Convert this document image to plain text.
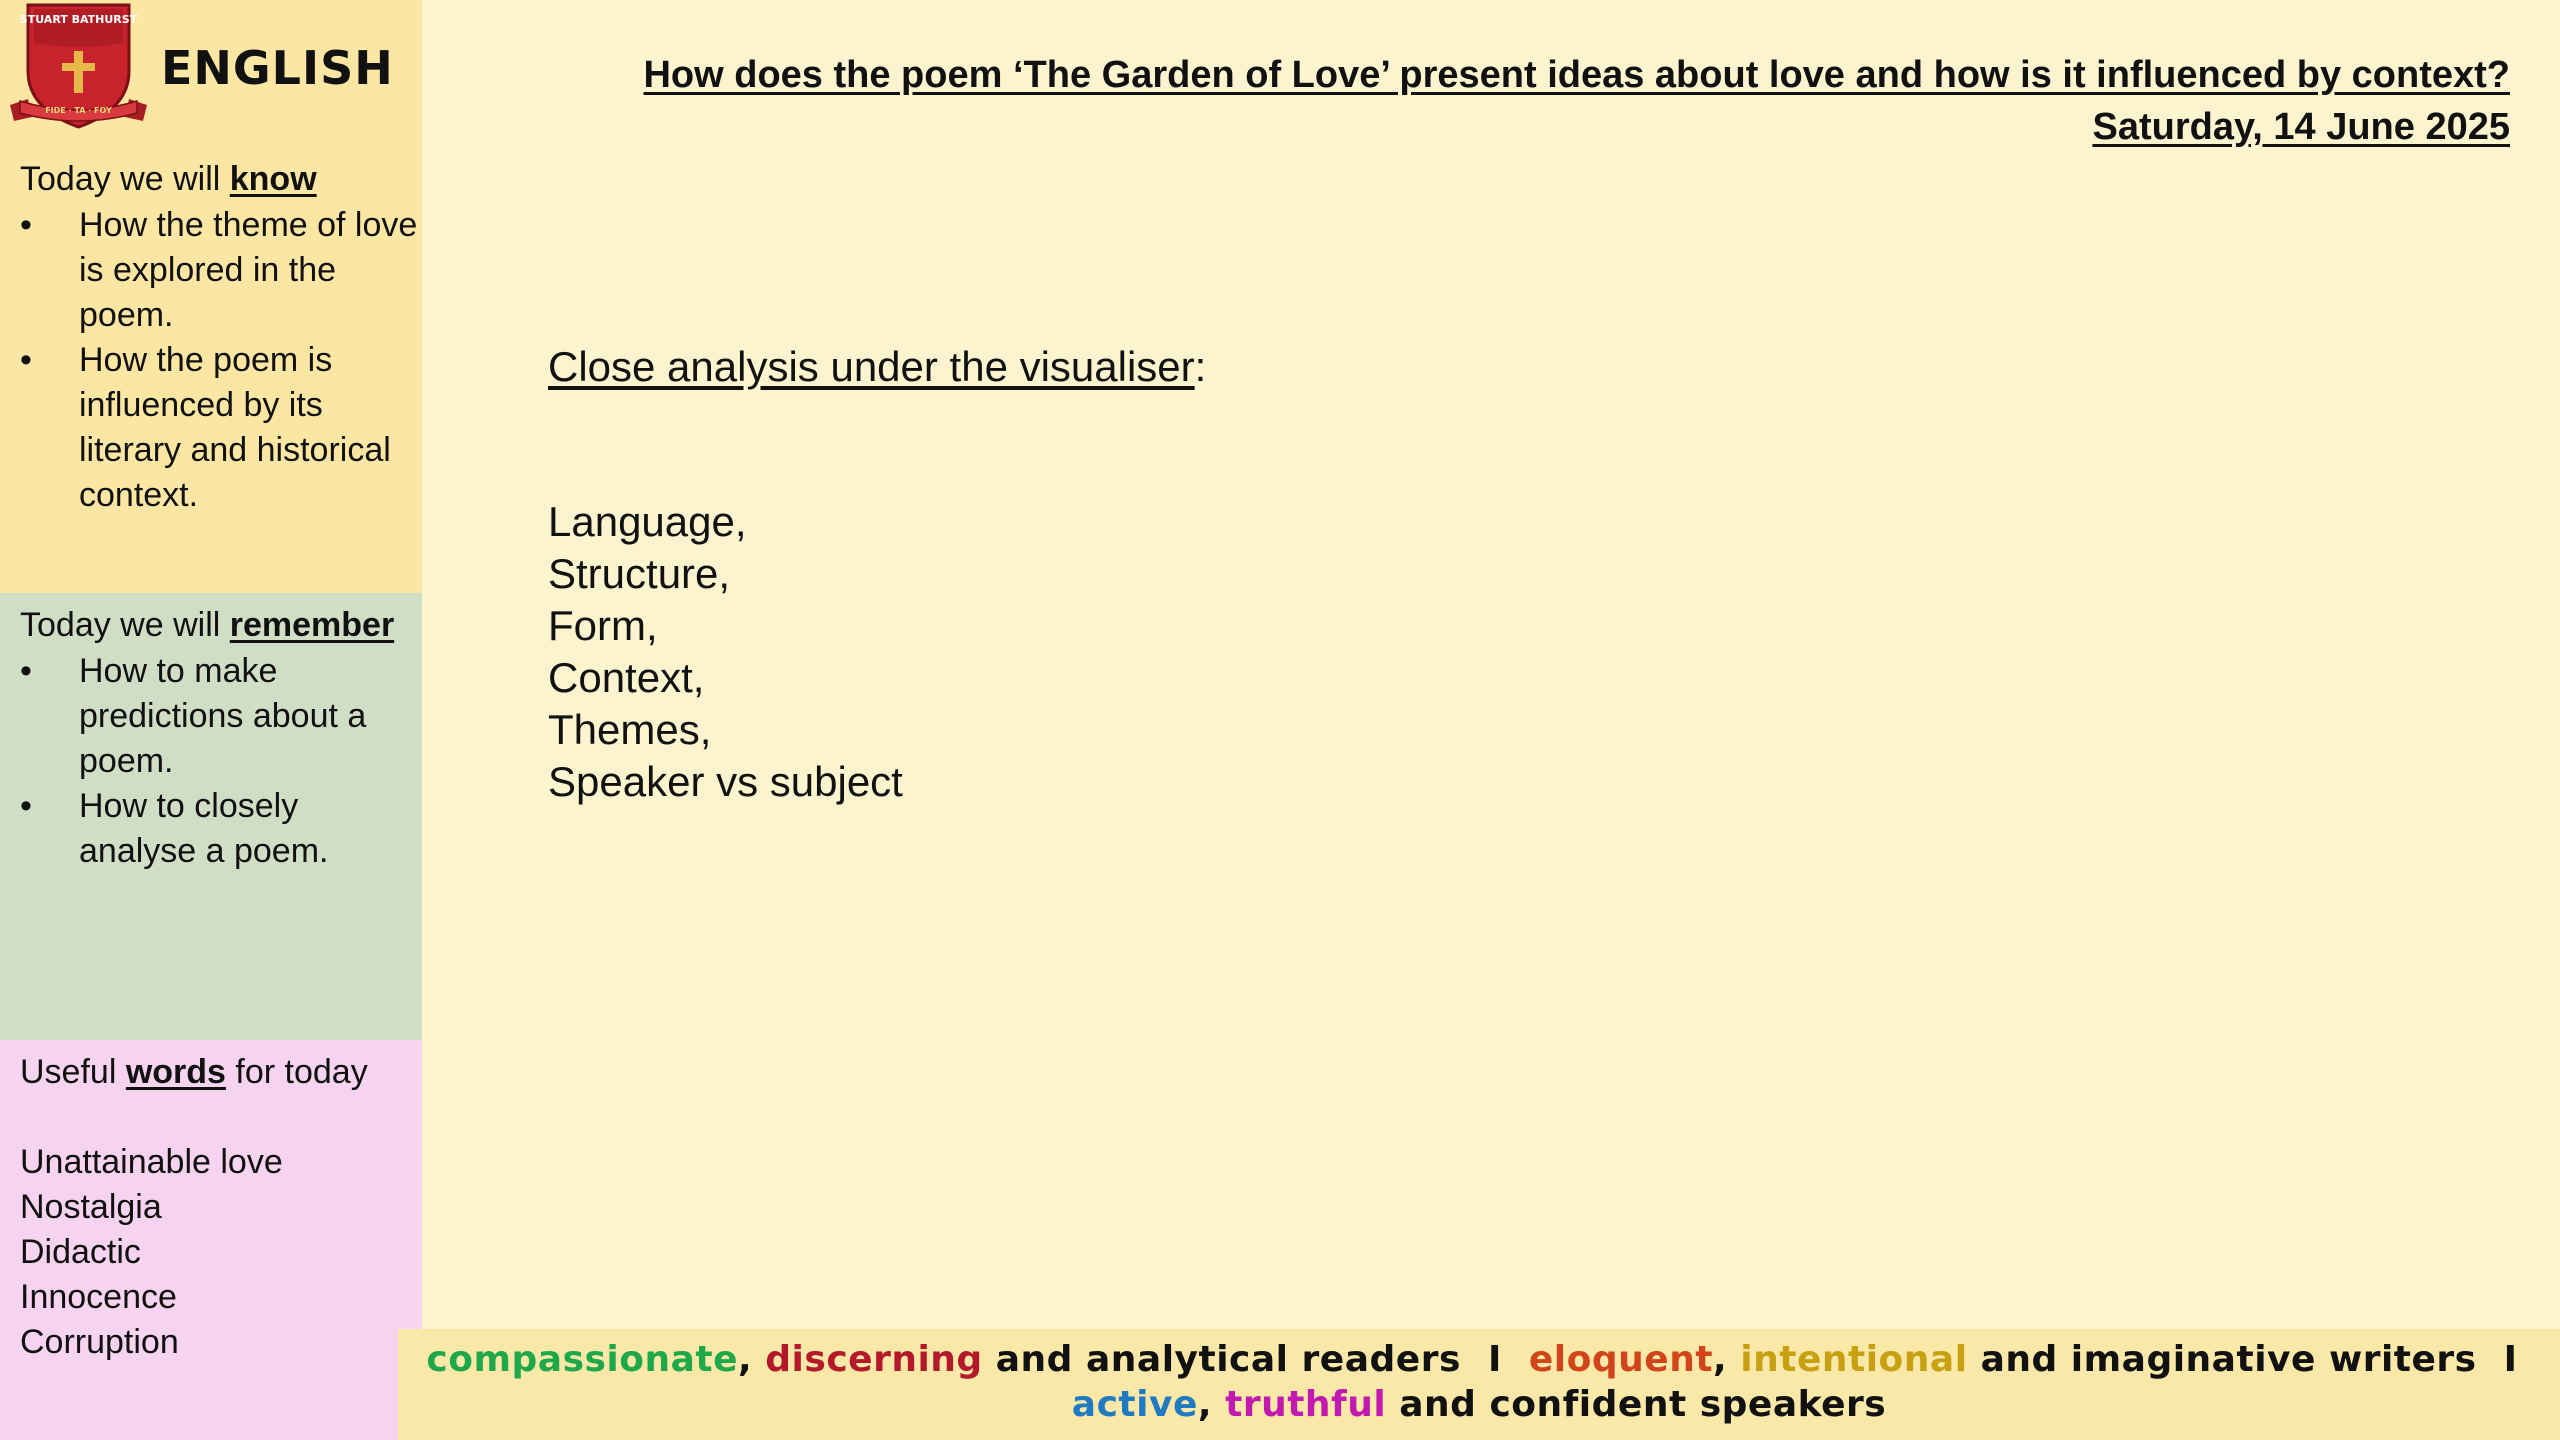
STUART BATHURST
FIDE · TA · FOY
ENGLISH
Today we will know
•	How the theme of love is explored in the poem.
•	How the poem is influenced by its literary and historical context.
Today we will remember
•	How to make predictions about a poem.
•	How to closely analyse a poem.
Useful words for today
Unattainable love
Nostalgia
Didactic
Innocence
Corruption
How does the poem ‘The Garden of Love’ present ideas about love and how is it influenced by context?
Saturday, 14 June 2025
Close analysis under the visualiser:
Language,
Structure,
Form,
Context,
Themes,
Speaker vs subject
compassionate, discerning and analytical readers I eloquent, intentional and imaginative writers I
active, truthful and confident speakers
